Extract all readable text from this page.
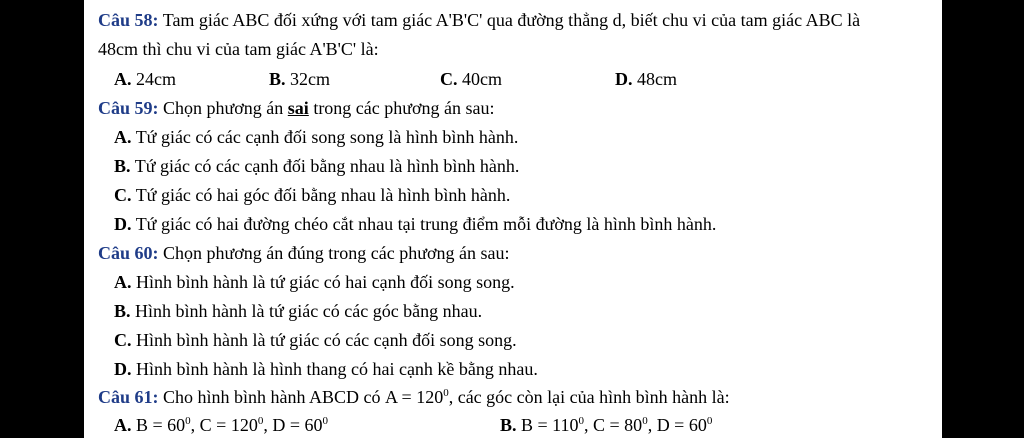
Câu 58: Tam giác ABC đối xứng với tam giác A'B'C' qua đường thẳng d, biết chu vi của tam giác ABC là
48cm thì chu vi của tam giác A'B'C' là:
A. 24cm	B. 32cm	C. 40cm	D. 48cm
Câu 59: Chọn phương án sai trong các phương án sau:
A. Tứ giác có các cạnh đối song song là hình bình hành.
B. Tứ giác có các cạnh đối bằng nhau là hình bình hành.
C. Tứ giác có hai góc đối bằng nhau là hình bình hành.
D. Tứ giác có hai đường chéo cắt nhau tại trung điểm mỗi đường là hình bình hành.
Câu 60: Chọn phương án đúng trong các phương án sau:
A. Hình bình hành là tứ giác có hai cạnh đối song song.
B. Hình bình hành là tứ giác có các góc bằng nhau.
C. Hình bình hành là tứ giác có các cạnh đối song song.
D. Hình bình hành là hình thang có hai cạnh kề bằng nhau.
Câu 61: Cho hình bình hành ABCD có $A = 120^0$, các góc còn lại của hình bình hành là:
A. $B = 60^0$, $C = 120^0$, $D = 60^0$	B. $B = 110^0$, $C = 80^0$, $D = 60^0$
